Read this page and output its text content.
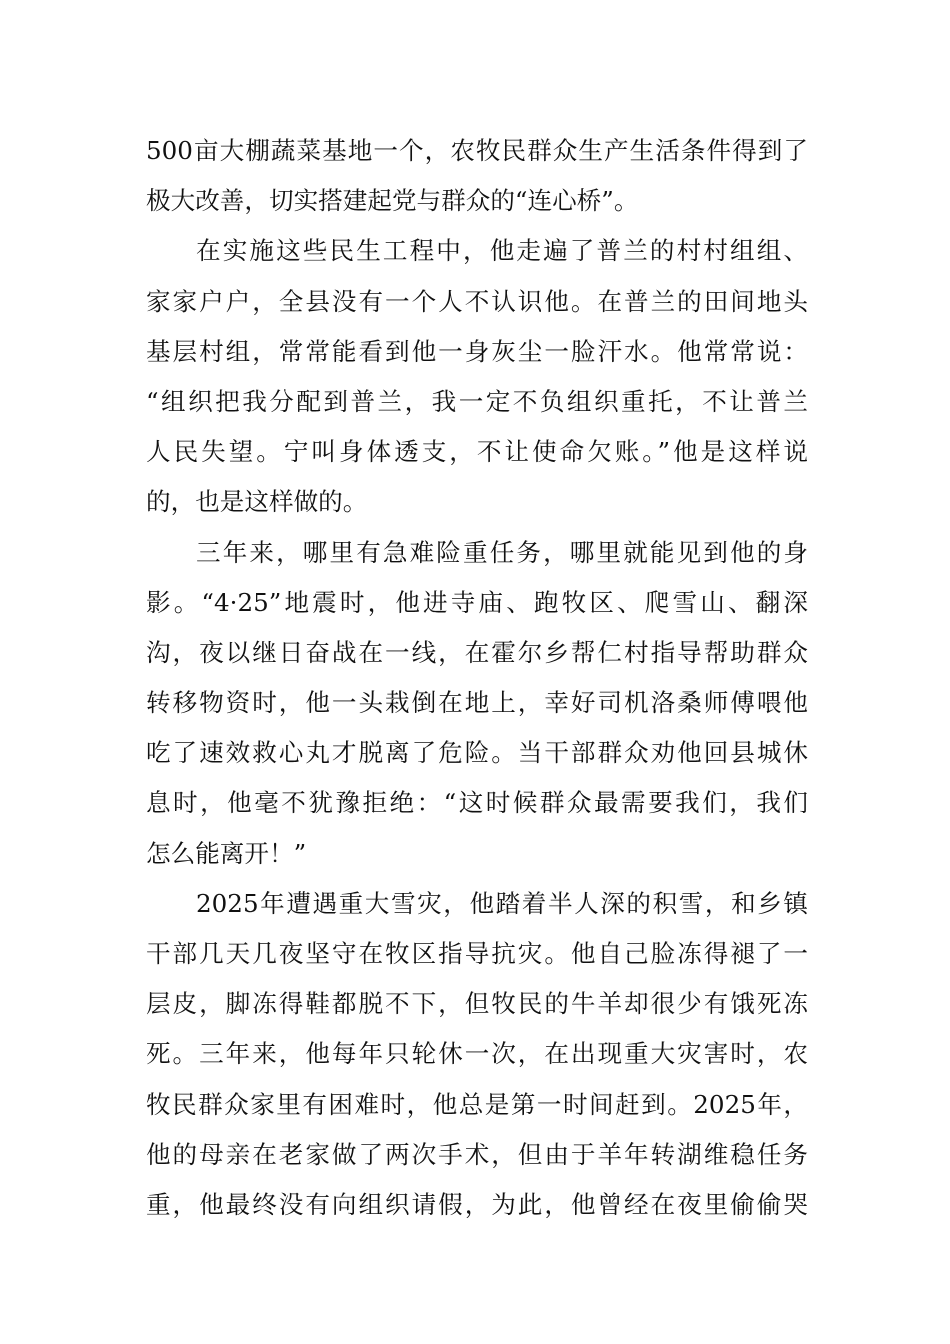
500亩大棚蔬菜基地一个，农牧民群众生产生活条件得到了
极大改善，切实搭建起党与群众的“连心桥”。
在实施这些民生工程中，他走遍了普兰的村村组组、
家家户户，全县没有一个人不认识他。在普兰的田间地头
基层村组，常常能看到他一身灰尘一脸汗水。他常常说：
“组织把我分配到普兰，我一定不负组织重托，不让普兰
人民失望。宁叫身体透支，不让使命欠账。”他是这样说
的，也是这样做的。
三年来，哪里有急难险重任务，哪里就能见到他的身
影。“4·25”地震时，他进寺庙、跑牧区、爬雪山、翻深
沟，夜以继日奋战在一线，在霍尔乡帮仁村指导帮助群众
转移物资时，他一头栽倒在地上，幸好司机洛桑师傅喂他
吃了速效救心丸才脱离了危险。当干部群众劝他回县城休
息时，他毫不犹豫拒绝：“这时候群众最需要我们，我们
怎么能离开！”
2025年遭遇重大雪灾，他踏着半人深的积雪，和乡镇
干部几天几夜坚守在牧区指导抗灾。他自己脸冻得褪了一
层皮，脚冻得鞋都脱不下，但牧民的牛羊却很少有饿死冻
死。三年来，他每年只轮休一次，在出现重大灾害时，农
牧民群众家里有困难时，他总是第一时间赶到。2025年，
他的母亲在老家做了两次手术，但由于羊年转湖维稳任务
重，他最终没有向组织请假，为此，他曾经在夜里偷偷哭
